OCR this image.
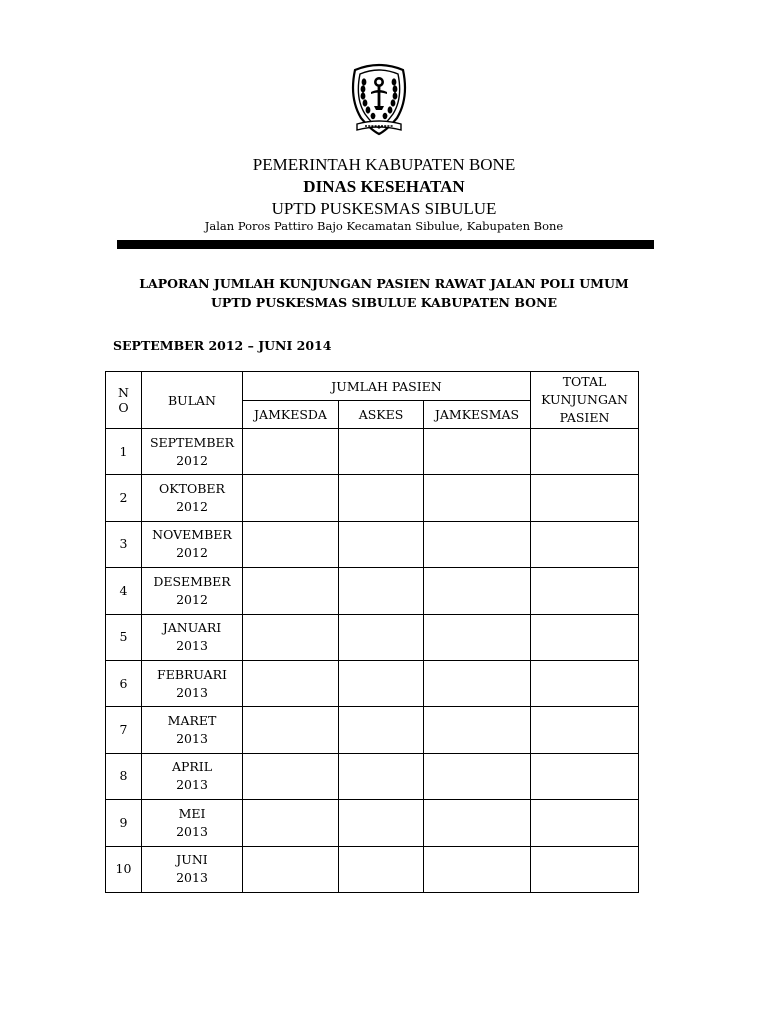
PEMERINTAH KABUPATEN BONE
DINAS KESEHATAN
UPTD PUSKESMAS SIBULUE
Jalan Poros Pattiro Bajo Kecamatan Sibulue, Kabupaten Bone
LAPORAN JUMLAH KUNJUNGAN PASIEN RAWAT JALAN POLI UMUM
UPTD PUSKESMAS SIBULUE KABUPATEN BONE
SEPTEMBER 2012 – JUNI 2014
N
O	BULAN	JUMLAH PASIEN			TOTAL
KUNJUNGAN
PASIEN
		JAMKESDA	ASKES	JAMKESMAS	
1	SEPTEMBER
2012				
2	OKTOBER
2012				
3	NOVEMBER
2012				
4	DESEMBER
2012				
5	JANUARI
2013				
6	FEBRUARI
2013				
7	MARET
2013				
8	APRIL
2013				
9	MEI
2013				
10	JUNI
2013				
